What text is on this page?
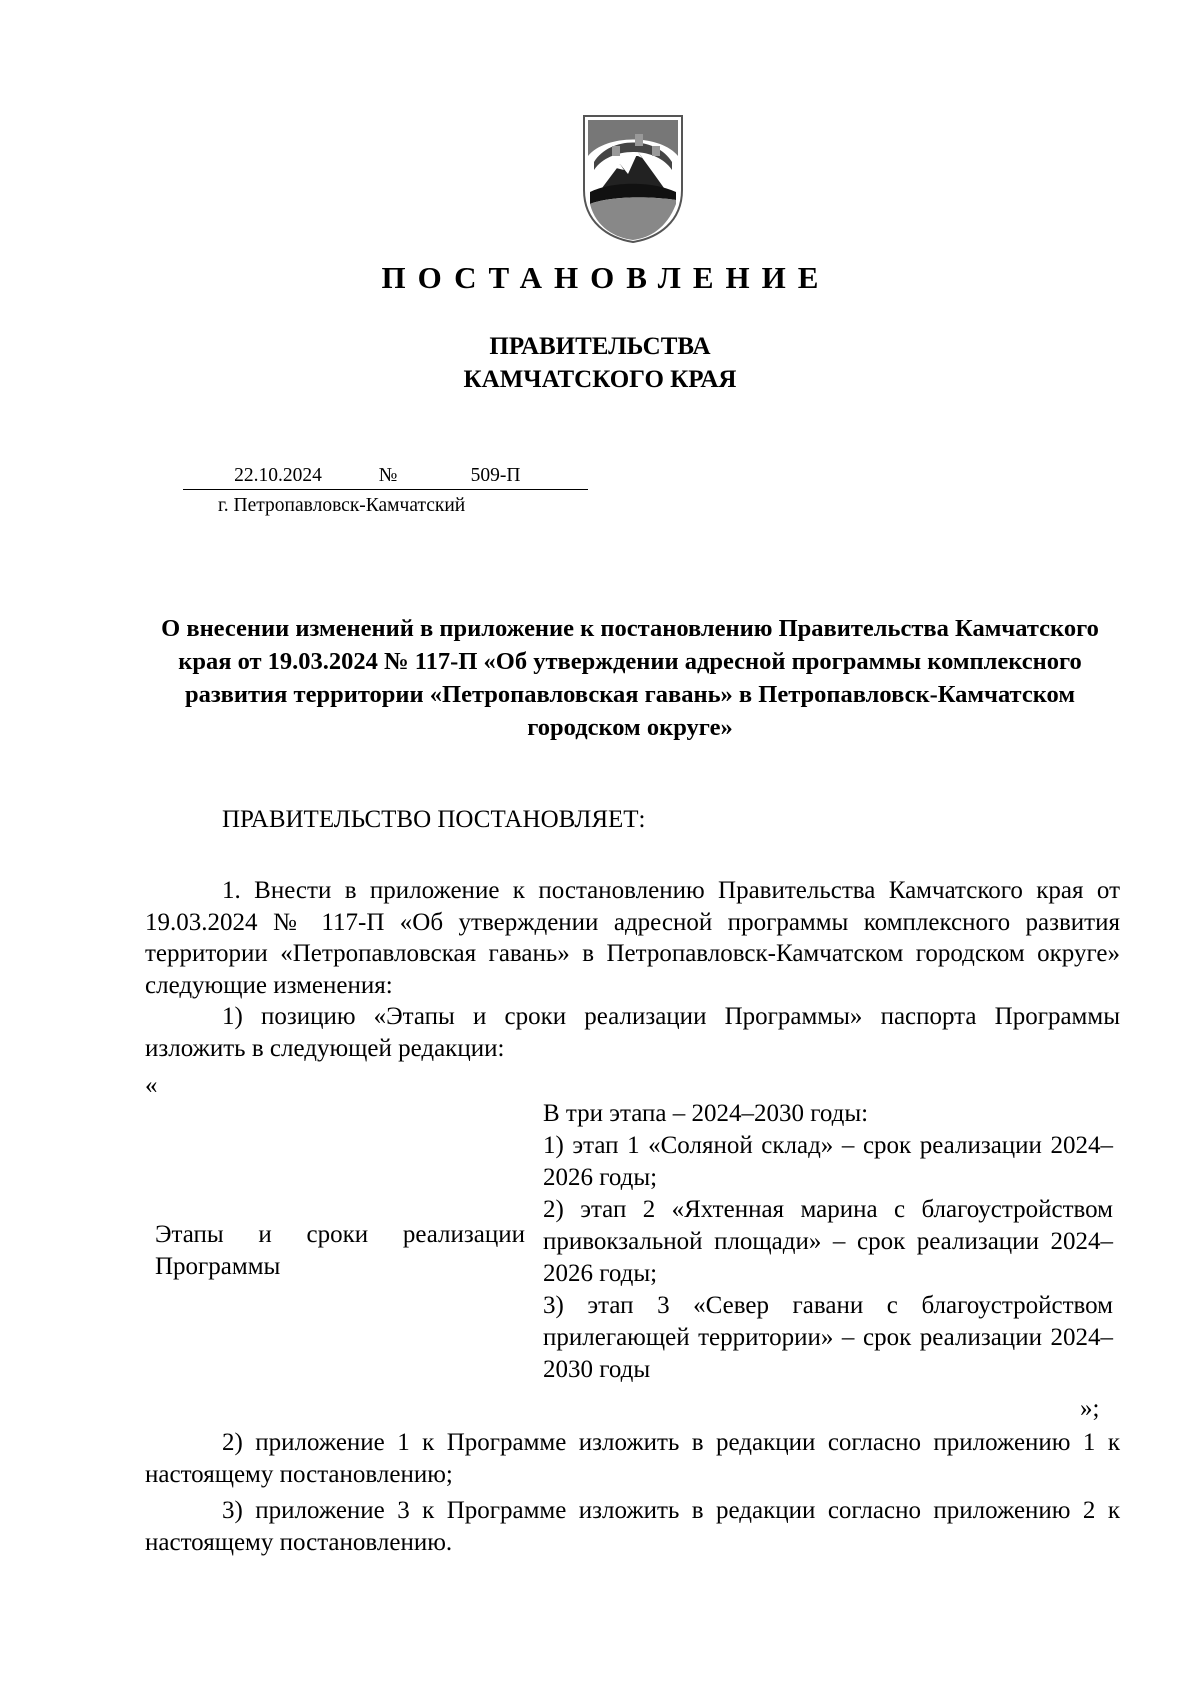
ПОСТАНОВЛЕНИЕ
ПРАВИТЕЛЬСТВА
КАМЧАТСКОГО КРАЯ
22.10.2024	№	509-П
г. Петропавловск-Камчатский
О внесении изменений в приложение к постановлению Правительства Камчатского края от 19.03.2024 № 117-П «Об утверждении адресной программы комплексного развития территории «Петропавловская гавань» в Петропавловск-Камчатском городском округе»
ПРАВИТЕЛЬСТВО ПОСТАНОВЛЯЕТ:

1. Внести в приложение к постановлению Правительства Камчатского края от 19.03.2024 № 117-П «Об утверждении адресной программы комплексного развития территории «Петропавловская гавань» в Петропавловск-Камчатском городском округе» следующие изменения:

1) позицию «Этапы и сроки реализации Программы» паспорта Программы изложить в следующей редакции:

«
Этапы и сроки реализации Программы

В три этапа – 2024–2030 годы:

1) этап 1 «Соляной склад» – срок реализации 2024–2026 годы;

2) этап 2 «Яхтенная марина с благоустройством привокзальной площади» – срок реализации 2024–2026 годы;

3) этап 3 «Север гавани с благоустройством прилегающей территории» – срок реализации 2024–2030 годы

»;

2) приложение 1 к Программе изложить в редакции согласно приложению 1 к настоящему постановлению;

3) приложение 3 к Программе изложить в редакции согласно приложению 2 к настоящему постановлению.
